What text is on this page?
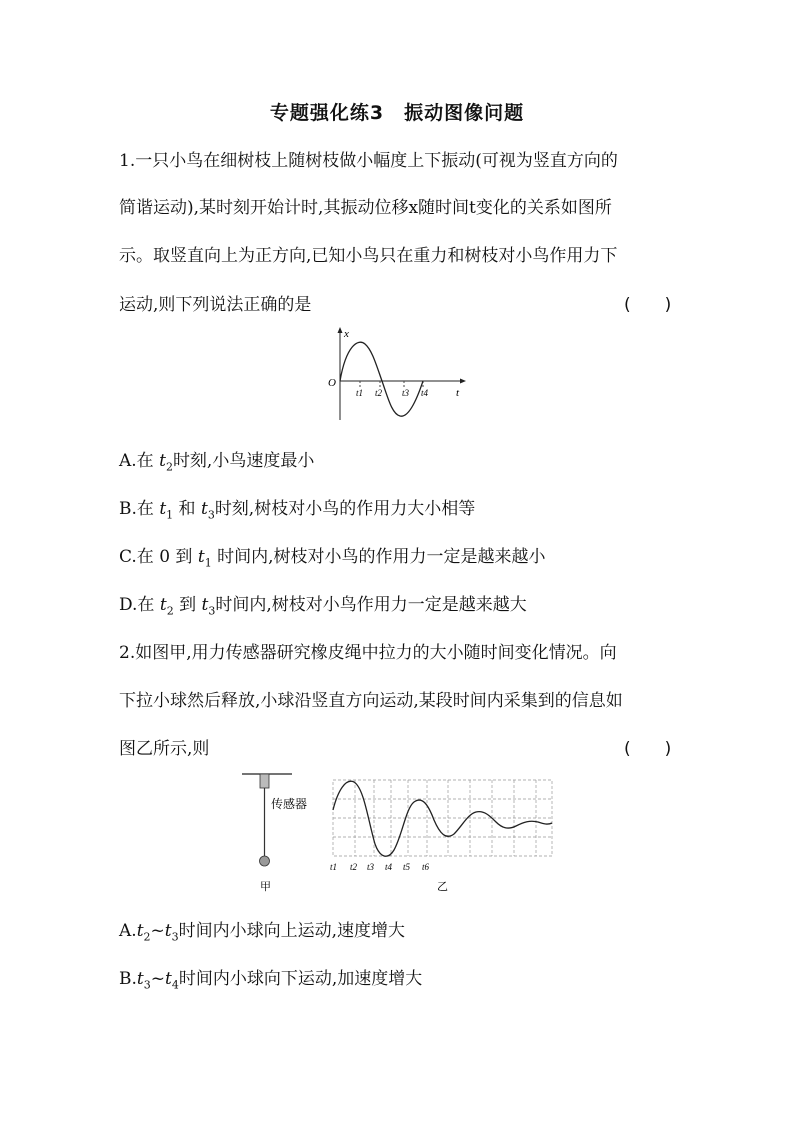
专题强化练3　振动图像问题
1.一只小鸟在细树枝上随树枝做小幅度上下振动(可视为竖直方向的
简谐运动),某时刻开始计时,其振动位移x随时间t变化的关系如图所
示。取竖直向上为正方向,已知小鸟只在重力和树枝对小鸟作用力下
运动,则下列说法正确的是	(　　)
x
O
t
t1 t2 t3 t4
A.在 $t_2$时刻,小鸟速度最小
B.在 $t_1$ 和 $t_3$时刻,树枝对小鸟的作用力大小相等
C.在 0 到 $t_1$ 时间内,树枝对小鸟的作用力一定是越来越小
D.在 $t_2$ 到 $t_3$时间内,树枝对小鸟作用力一定是越来越大
2.如图甲,用力传感器研究橡皮绳中拉力的大小随时间变化情况。向
下拉小球然后释放,小球沿竖直方向运动,某段时间内采集到的信息如
图乙所示,则	(　　)
传感器
甲
t1 t2 t3 t4 t5 t6
乙
$A.t_2\sim t_3$时间内小球向上运动,速度增大
$B.t_3\sim t_4$时间内小球向下运动,加速度增大
